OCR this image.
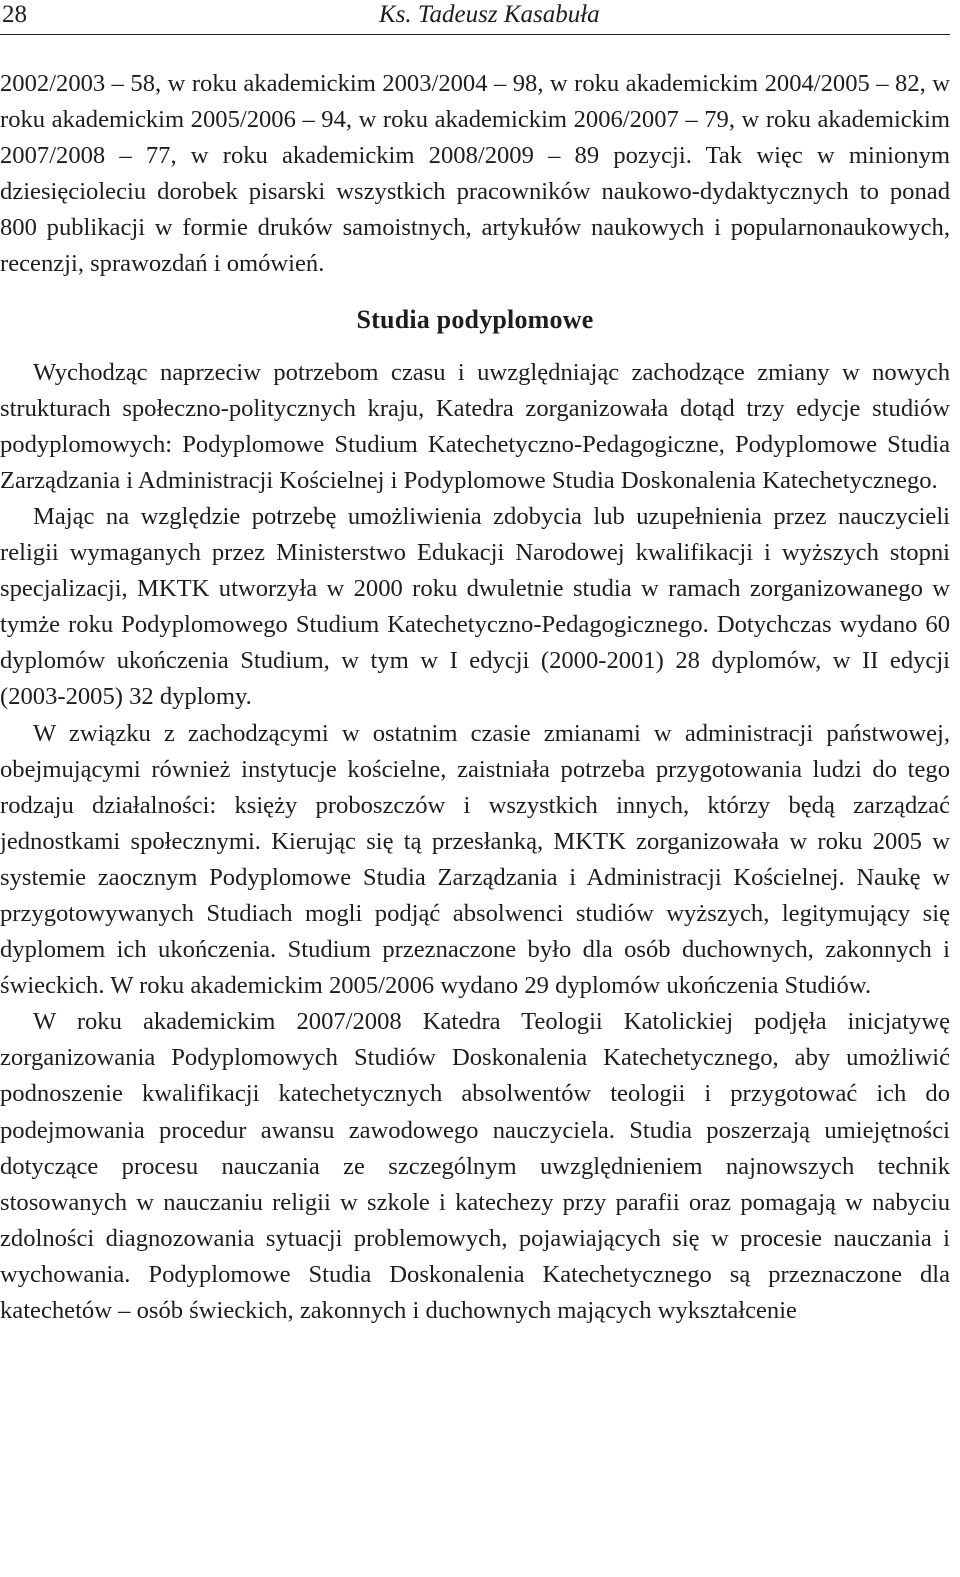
28	Ks. Tadeusz Kasabuła

2002/2003 – 58, w roku akademickim 2003/2004 – 98, w roku akademickim 2004/2005 – 82, w roku akademickim 2005/2006 – 94, w roku akademickim 2006/2007 – 79, w roku akademickim 2007/2008 – 77, w roku akademickim 2008/2009 – 89 pozycji. Tak więc w minionym dziesięcioleciu dorobek pisarski wszystkich pracowników naukowo-dydaktycznych to ponad 800 publikacji w formie druków samoistnych, artykułów naukowych i popularnonaukowych, recenzji, sprawozdań i omówień.

Studia podyplomowe

Wychodząc naprzeciw potrzebom czasu i uwzględniając zachodzące zmiany w nowych strukturach społeczno-politycznych kraju, Katedra zorganizowała dotąd trzy edycje studiów podyplomowych: Podyplomowe Studium Katechetyczno-Pedagogiczne, Podyplomowe Studia Zarządzania i Administracji Kościelnej i Podyplomowe Studia Doskonalenia Katechetycznego.

Mając na względzie potrzebę umożliwienia zdobycia lub uzupełnienia przez nauczycieli religii wymaganych przez Ministerstwo Edukacji Narodowej kwalifikacji i wyższych stopni specjalizacji, MKTK utworzyła w 2000 roku dwuletnie studia w ramach zorganizowanego w tymże roku Podyplomowego Studium Katechetyczno-Pedagogicznego. Dotychczas wydano 60 dyplomów ukończenia Studium, w tym w I edycji (2000-2001) 28 dyplomów, w II edycji (2003-2005) 32 dyplomy.

W związku z zachodzącymi w ostatnim czasie zmianami w administracji państwowej, obejmującymi również instytucje kościelne, zaistniała potrzeba przygotowania ludzi do tego rodzaju działalności: księży proboszczów i wszystkich innych, którzy będą zarządzać jednostkami społecznymi. Kierując się tą przesłanką, MKTK zorganizowała w roku 2005 w systemie zaocznym Podyplomowe Studia Zarządzania i Administracji Kościelnej. Naukę w przygotowywanych Studiach mogli podjąć absolwenci studiów wyższych, legitymujący się dyplomem ich ukończenia. Studium przeznaczone było dla osób duchownych, zakonnych i świeckich. W roku akademickim 2005/2006 wydano 29 dyplomów ukończenia Studiów.

W roku akademickim 2007/2008 Katedra Teologii Katolickiej podjęła inicjatywę zorganizowania Podyplomowych Studiów Doskonalenia Katechetycznego, aby umożliwić podnoszenie kwalifikacji katechetycznych absolwentów teologii i przygotować ich do podejmowania procedur awansu zawodowego nauczyciela. Studia poszerzają umiejętności dotyczące procesu nauczania ze szczególnym uwzględnieniem najnowszych technik stosowanych w nauczaniu religii w szkole i katechezy przy parafii oraz pomagają w nabyciu zdolności diagnozowania sytuacji problemowych, pojawiających się w procesie nauczania i wychowania. Podyplomowe Studia Doskonalenia Katechetycznego są przeznaczone dla katechetów – osób świeckich, zakonnych i duchownych mających wykształcenie
